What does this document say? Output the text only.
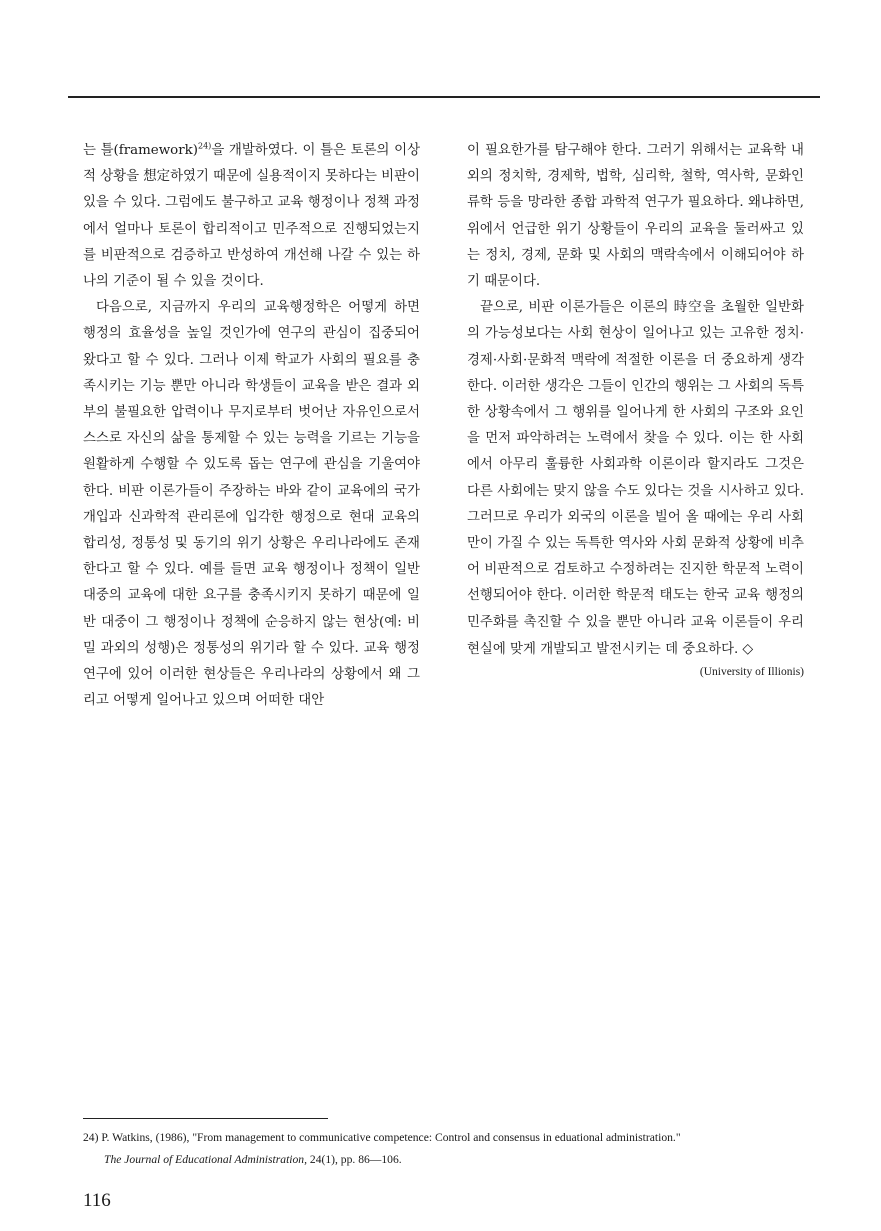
는 틀(framework)$^{24)}$을 개발하였다. 이 틀은 토론의 이상적 상황을 想定하였기 때문에 실용적이지 못하다는 비판이 있을 수 있다. 그럼에도 불구하고 교육 행정이나 정책 과정에서 얼마나 토론이 합리적이고 민주적으로 진행되었는지를 비판적으로 검증하고 반성하여 개선해 나갈 수 있는 하나의 기준이 될 수 있을 것이다.

다음으로, 지금까지 우리의 교육행정학은 어떻게 하면 행정의 효율성을 높일 것인가에 연구의 관심이 집중되어 왔다고 할 수 있다. 그러나 이제 학교가 사회의 필요를 충족시키는 기능 뿐만 아니라 학생들이 교육을 받은 결과 외부의 불필요한 압력이나 무지로부터 벗어난 자유인으로서 스스로 자신의 삶을 통제할 수 있는 능력을 기르는 기능을 원활하게 수행할 수 있도록 돕는 연구에 관심을 기울여야 한다. 비판 이론가들이 주장하는 바와 같이 교육에의 국가 개입과 신과학적 관리론에 입각한 행정으로 현대 교육의 합리성, 정통성 및 동기의 위기 상황은 우리나라에도 존재한다고 할 수 있다. 예를 들면 교육 행정이나 정책이 일반 대중의 교육에 대한 요구를 충족시키지 못하기 때문에 일반 대중이 그 행정이나 정책에 순응하지 않는 현상(예: 비밀 과외의 성행)은 정통성의 위기라 할 수 있다. 교육 행정 연구에 있어 이러한 현상들은 우리나라의 상황에서 왜 그리고 어떻게 일어나고 있으며 어떠한 대안

이 필요한가를 탐구해야 한다. 그러기 위해서는 교육학 내외의 정치학, 경제학, 법학, 심리학, 철학, 역사학, 문화인류학 등을 망라한 종합 과학적 연구가 필요하다. 왜냐하면, 위에서 언급한 위기 상황들이 우리의 교육을 둘러싸고 있는 정치, 경제, 문화 및 사회의 맥락속에서 이해되어야 하기 때문이다.

끝으로, 비판 이론가들은 이론의 時空을 초월한 일반화의 가능성보다는 사회 현상이 일어나고 있는 고유한 정치·경제·사회·문화적 맥락에 적절한 이론을 더 중요하게 생각한다. 이러한 생각은 그들이 인간의 행위는 그 사회의 독특한 상황속에서 그 행위를 일어나게 한 사회의 구조와 요인을 먼저 파악하려는 노력에서 찾을 수 있다. 이는 한 사회에서 아무리 훌륭한 사회과학 이론이라 할지라도 그것은 다른 사회에는 맞지 않을 수도 있다는 것을 시사하고 있다. 그러므로 우리가 외국의 이론을 빌어 올 때에는 우리 사회만이 가질 수 있는 독특한 역사와 사회 문화적 상황에 비추어 비판적으로 검토하고 수정하려는 진지한 학문적 노력이 선행되어야 한다. 이러한 학문적 태도는 한국 교육 행정의 민주화를 촉진할 수 있을 뿐만 아니라 교육 이론들이 우리 현실에 맞게 개발되고 발전시키는 데 중요하다. ◇

(University of Illionis)
24) P. Watkins, (1986), "From management to communicative competence: Control and consensus in eduational administration."
The Journal of Educational Administration, 24(1), pp. 86—106.
116
